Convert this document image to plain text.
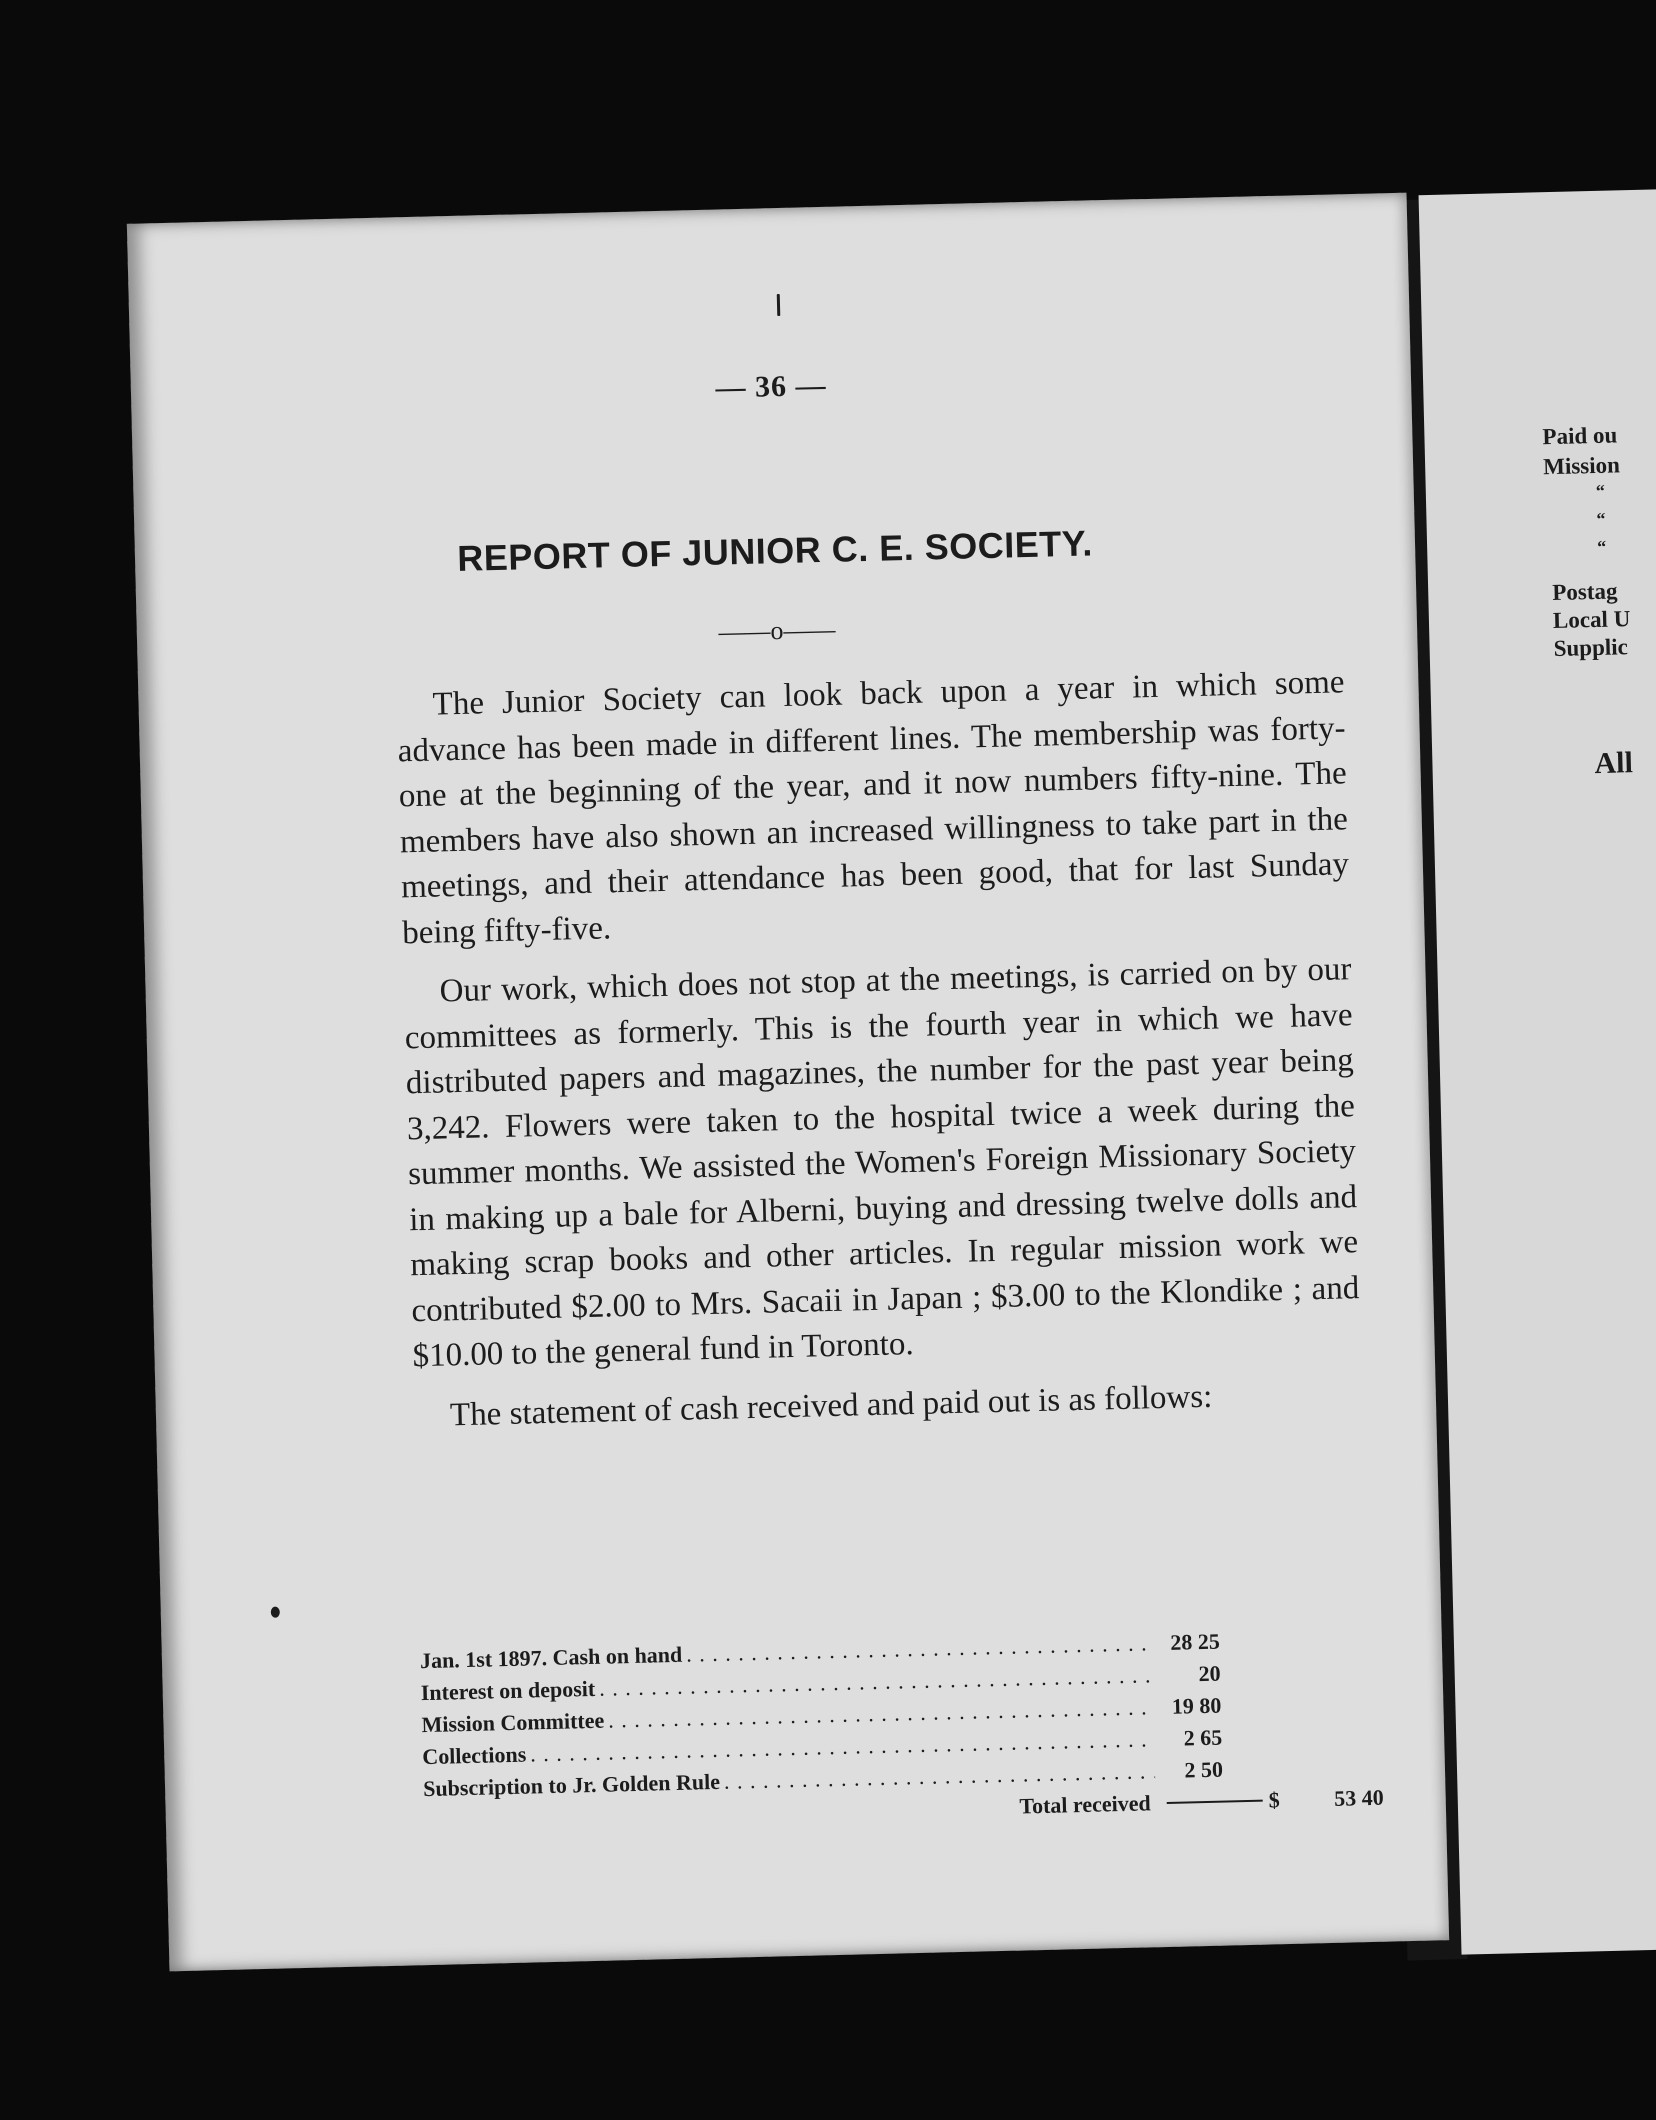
Paid ou
Mission
“
“
“
Postag
Local U
Supplic
All
— 36 —
REPORT OF JUNIOR C. E. SOCIETY.
——o——

The Junior Society can look back upon a year in which some advance has been made in different lines. The membership was forty- one at the beginning of the year, and it now numbers fifty-nine. The members have also shown an increased willingness to take part in the meetings, and their attendance has been good, that for last Sunday being fifty-five.

Our work, which does not stop at the meetings, is carried on by our committees as formerly. This is the fourth year in which we have distributed papers and magazines, the number for the past year being 3,242. Flowers were taken to the hospital twice a week during the summer months. We assisted the Women's Foreign Missionary Society in making up a bale for Alberni, buying and dressing twelve dolls and making scrap books and other articles. In regular mission work we contributed $2.00 to Mrs. Sacaii in Japan ; $3.00 to the Klondike ; and $10.00 to the general fund in Toronto.

The statement of cash received and paid out is as follows:

Jan. 1st 1897. Cash on hand
. . .
28 25
Interest on deposit
. . .
20
Mission Committee
. . .
19 80
Collections
. . .
2 65
Subscription to Jr. Golden Rule
. . .	2 50
Total received	$	53 40
